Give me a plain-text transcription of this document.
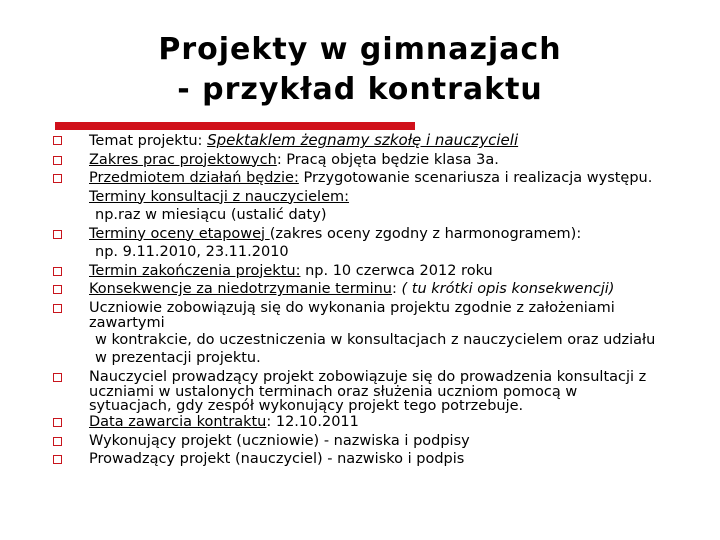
Projekty w gimnazjach
- przykład kontraktu
Temat projektu: Spektaklem żegnamy szkołę i nauczycieli
Zakres prac projektowych: Pracą objęta będzie klasa 3a.
Przedmiotem działań będzie: Przygotowanie scenariusza i realizacja występu.
Terminy konsultacji z nauczycielem:
np.raz w miesiącu (ustalić daty)
Terminy oceny etapowej (zakres oceny zgodny z harmonogramem):
np. 9.11.2010, 23.11.2010
Termin zakończenia projektu: np. 10 czerwca 2012 roku
Konsekwencje za niedotrzymanie terminu: ( tu krótki opis konsekwencji)
Uczniowie zobowiązują się do wykonania projektu zgodnie z założeniami
zawartymi
w kontrakcie, do uczestniczenia w konsultacjach z nauczycielem oraz udziału
w prezentacji projektu.
Nauczyciel prowadzący projekt zobowiązuje się do prowadzenia konsultacji z
uczniami w ustalonych terminach oraz służenia uczniom pomocą w
sytuacjach, gdy zespół wykonujący projekt tego potrzebuje.
Data zawarcia kontraktu: 12.10.2011
Wykonujący projekt (uczniowie) - nazwiska i podpisy
Prowadzący projekt (nauczyciel) - nazwisko i podpis
